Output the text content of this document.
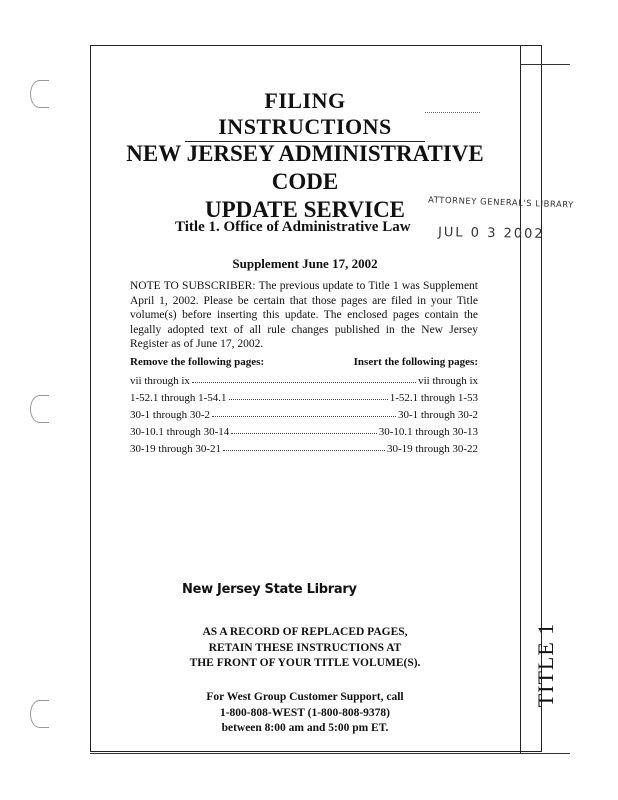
TITLE 1
FILING INSTRUCTIONS
NEW JERSEY ADMINISTRATIVE CODE
UPDATE SERVICE	ATTORNEY GENERAL'S LIBRARY
JUL 0 3 2002
Title 1. Office of Administrative Law
Supplement June 17, 2002
NOTE TO SUBSCRIBER: The previous update to Title 1 was Supplement April 1, 2002. Please be certain that those pages are filed in your Title volume(s) before inserting this update. The enclosed pages contain the legally adopted text of all rule changes published in the New Jersey Register as of June 17, 2002.
Remove the following pages:	Insert the following pages:
vii through ix	vii through ix
1-52.1 through 1-54.1	1-52.1 through 1-53
30-1 through 30-2	30-1 through 30-2
30-10.1 through 30-14	30-10.1 through 30-13
30-19 through 30-21	30-19 through 30-22
New Jersey State Library
AS A RECORD OF REPLACED PAGES,
RETAIN THESE INSTRUCTIONS AT
THE FRONT OF YOUR TITLE VOLUME(S).
For West Group Customer Support, call
1-800-808-WEST (1-800-808-9378)
between 8:00 am and 5:00 pm ET.
